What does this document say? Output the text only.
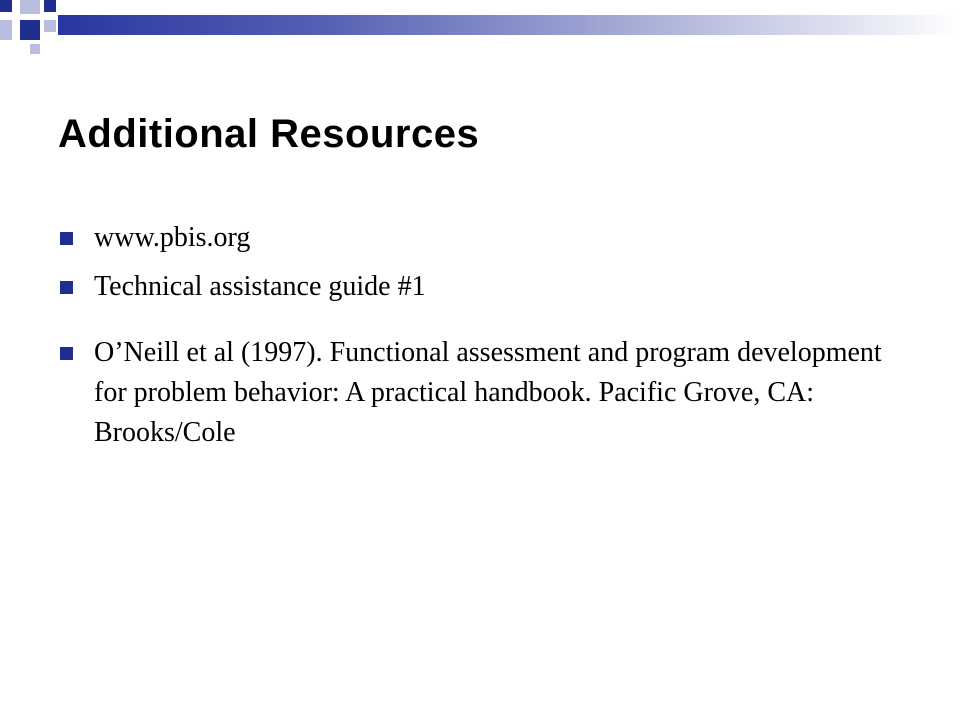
Additional Resources
www.pbis.org
Technical assistance guide #1
O’Neill et al (1997). Functional assessment and program development for problem behavior: A practical handbook. Pacific Grove, CA: Brooks/Cole
